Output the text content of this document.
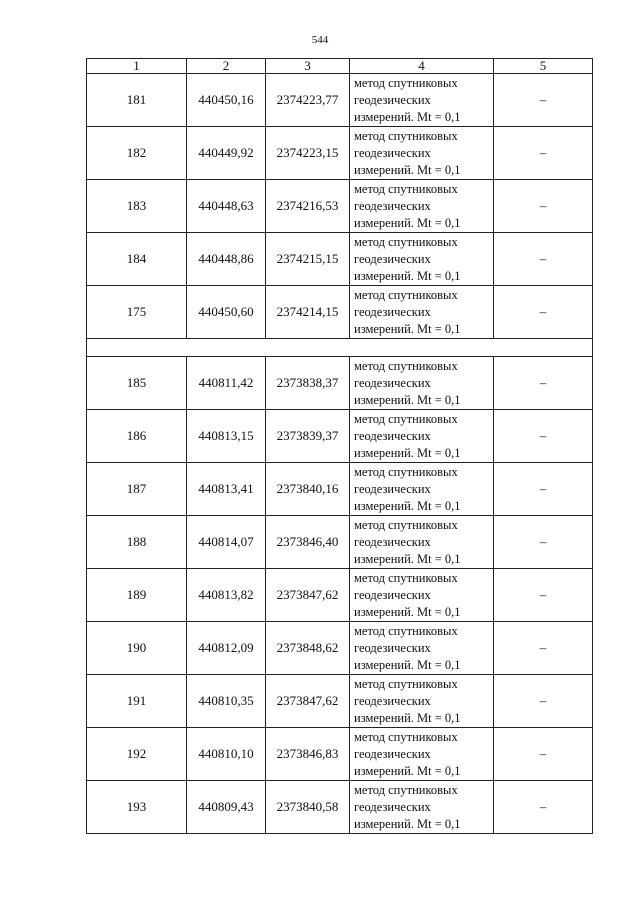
544
1	2	3	4	5
181	440450,16	2374223,77	метод спутниковых
геодезических
измерений. Mt = 0,1	–
182	440449,92	2374223,15	метод спутниковых
геодезических
измерений. Mt = 0,1	–
183	440448,63	2374216,53	метод спутниковых
геодезических
измерений. Mt = 0,1	–
184	440448,86	2374215,15	метод спутниковых
геодезических
измерений. Mt = 0,1	–
175	440450,60	2374214,15	метод спутниковых
геодезических
измерений. Mt = 0,1	–

185	440811,42	2373838,37	метод спутниковых
геодезических
измерений. Mt = 0,1	–
186	440813,15	2373839,37	метод спутниковых
геодезических
измерений. Mt = 0,1	–
187	440813,41	2373840,16	метод спутниковых
геодезических
измерений. Mt = 0,1	–
188	440814,07	2373846,40	метод спутниковых
геодезических
измерений. Mt = 0,1	–
189	440813,82	2373847,62	метод спутниковых
геодезических
измерений. Mt = 0,1	–
190	440812,09	2373848,62	метод спутниковых
геодезических
измерений. Mt = 0,1	–
191	440810,35	2373847,62	метод спутниковых
геодезических
измерений. Mt = 0,1	–
192	440810,10	2373846,83	метод спутниковых
геодезических
измерений. Mt = 0,1	–
193	440809,43	2373840,58	метод спутниковых
геодезических
измерений. Mt = 0,1	–
